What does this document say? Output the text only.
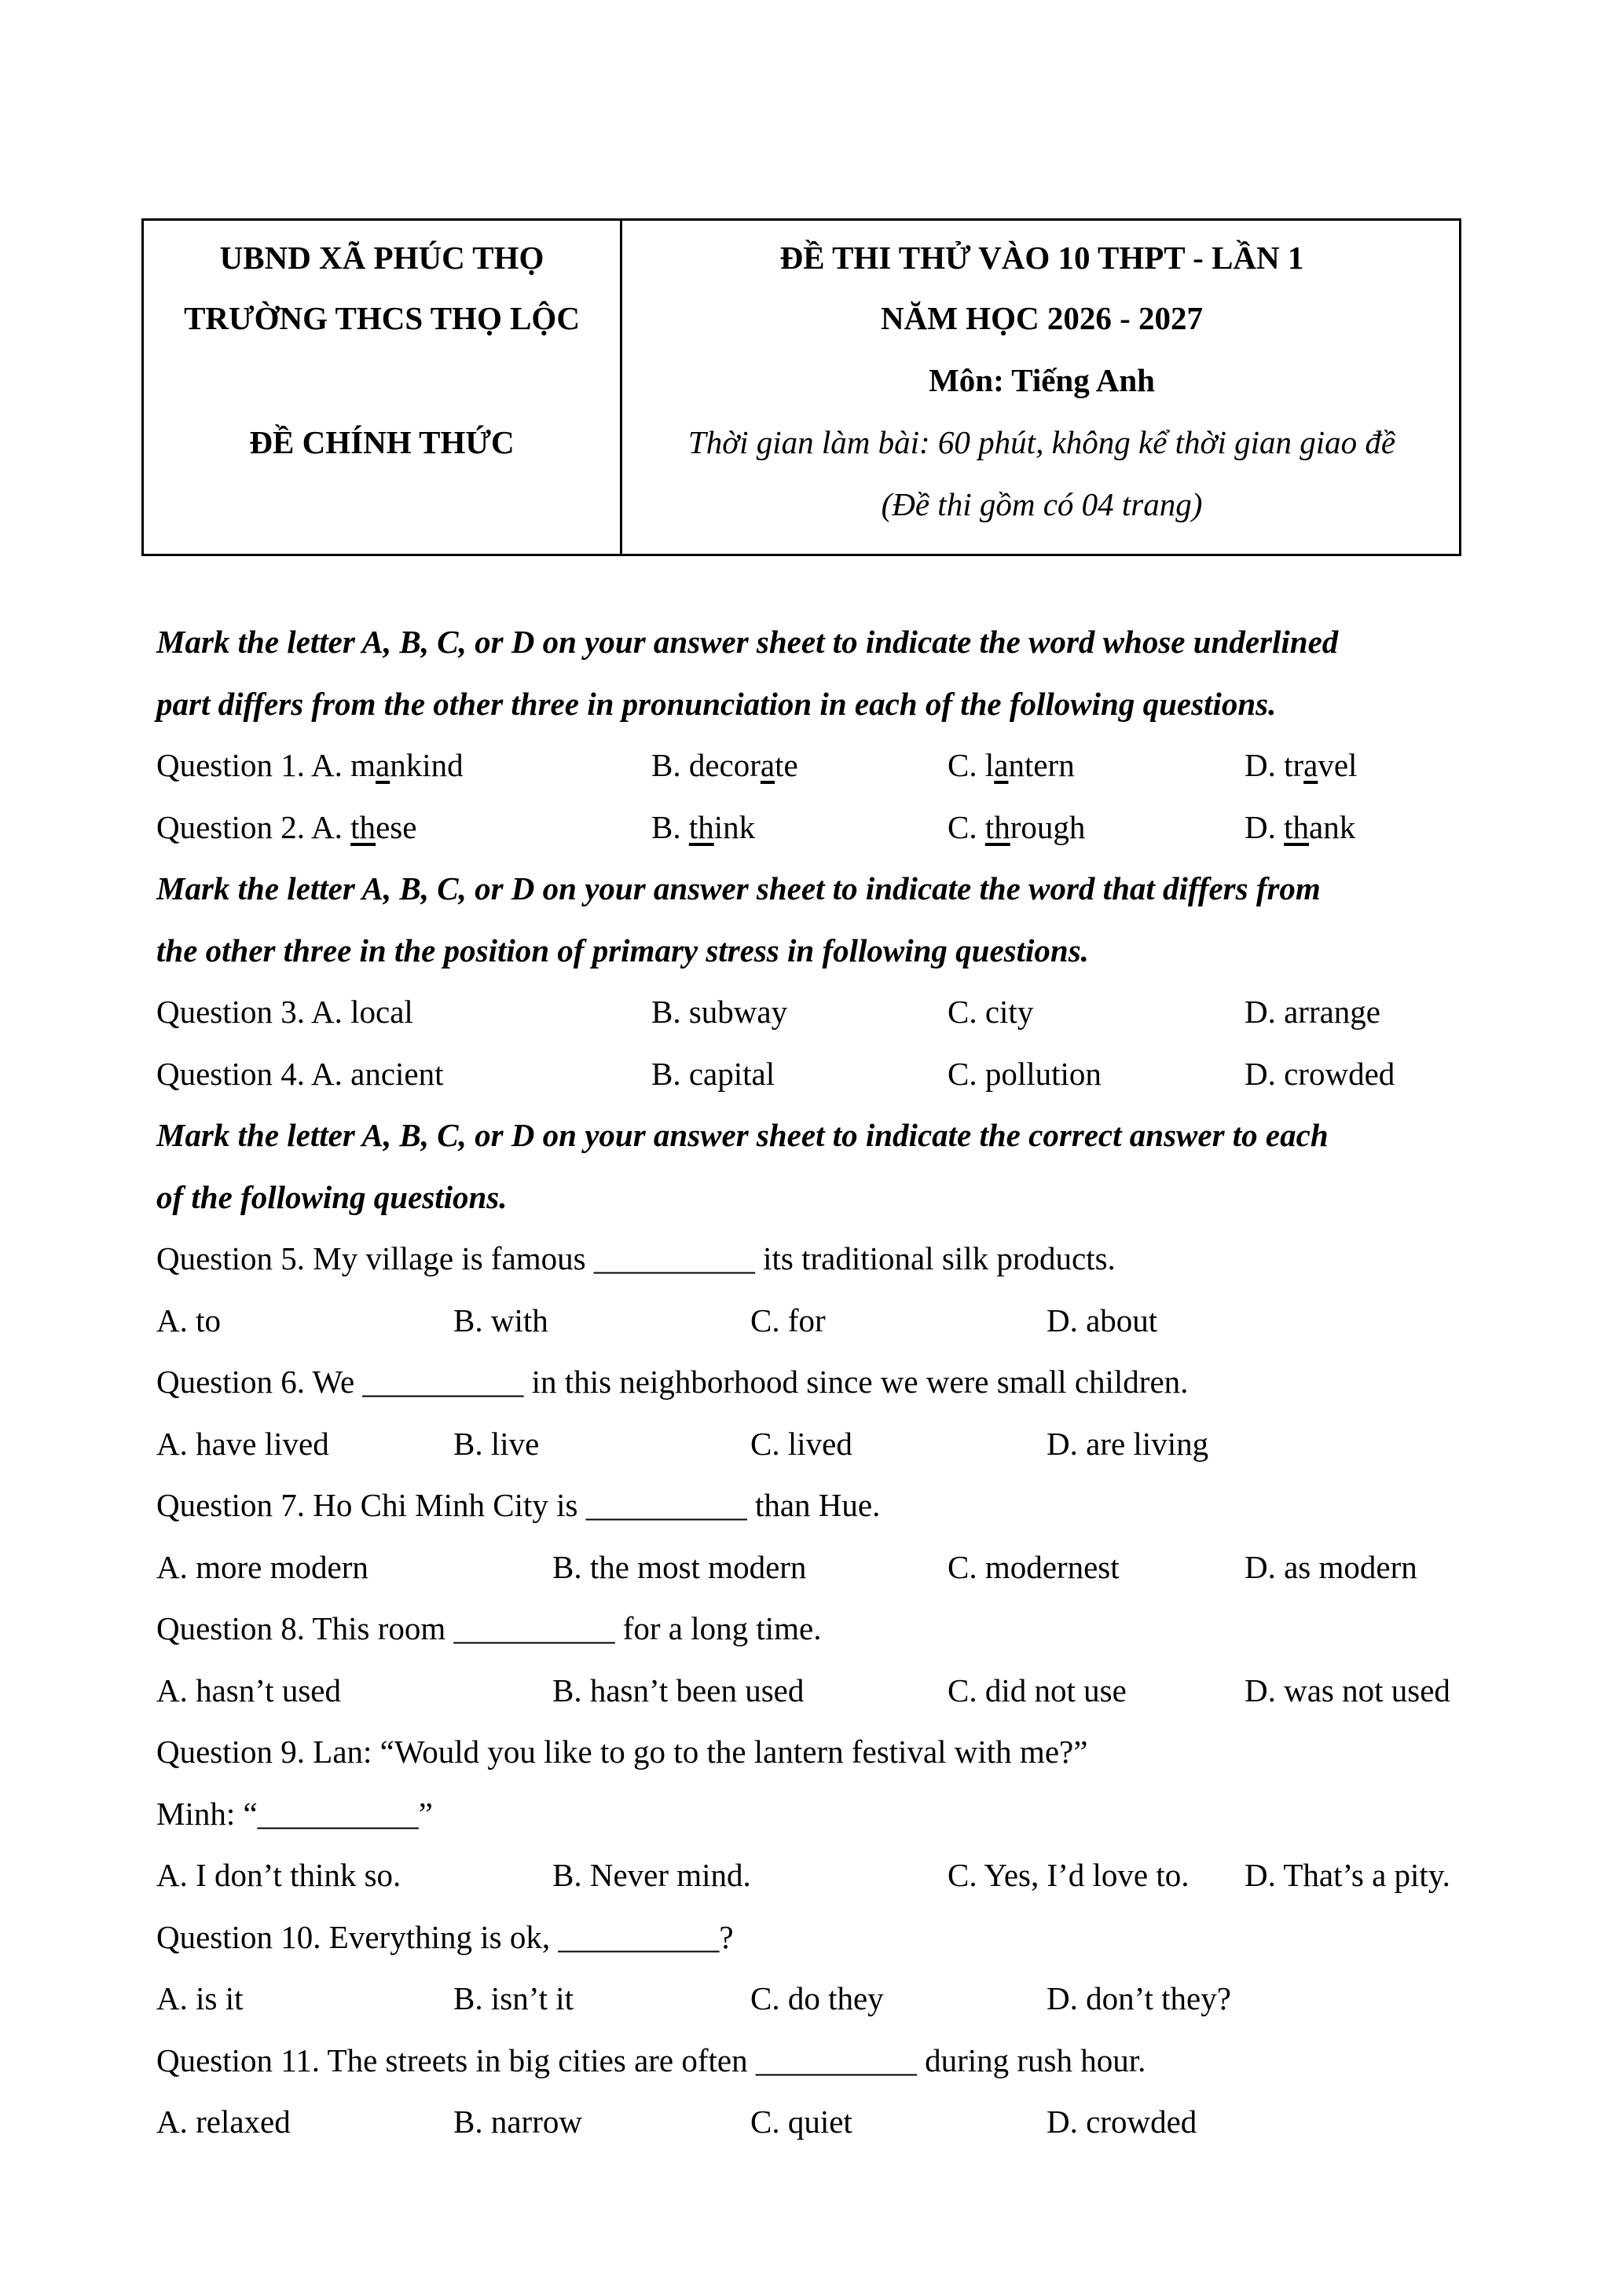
UBND XÃ PHÚC THỌ
TRƯỜNG THCS THỌ LỘC
ĐỀ CHÍNH THỨC
ĐỀ THI THỬ VÀO 10 THPT - LẦN 1
NĂM HỌC 2026 - 2027
Môn: Tiếng Anh
Thời gian làm bài: 60 phút, không kể thời gian giao đề
(Đề thi gồm có 04 trang)
Mark the letter A, B, C, or D on your answer sheet to indicate the word whose underlined
part differs from the other three in pronunciation in each of the following questions.
Question 1. A. mankind	B. decorate	C. lantern	D. travel
Question 2. A. these	B. think	C. through	D. thank
Mark the letter A, B, C, or D on your answer sheet to indicate the word that differs from
the other three in the position of primary stress in following questions.
Question 3. A. local	B. subway	C. city	D. arrange
Question 4. A. ancient	B. capital	C. pollution	D. crowded
Mark the letter A, B, C, or D on your answer sheet to indicate the correct answer to each
of the following questions.
Question 5. My village is famous __________ its traditional silk products.
A. to	B. with	C. for	D. about
Question 6. We __________ in this neighborhood since we were small children.
A. have lived	B. live	C. lived	D. are living
Question 7. Ho Chi Minh City is __________ than Hue.
A. more modern	B. the most modern	C. modernest	D. as modern
Question 8. This room __________ for a long time.
A. hasn’t used	B. hasn’t been used	C. did not use	D. was not used
Question 9. Lan: “Would you like to go to the lantern festival with me?”
Minh: “__________”
A. I don’t think so.	B. Never mind.	C. Yes, I’d love to. D. That’s a pity.
Question 10. Everything is ok, __________?
A. is it	B. isn’t it	C. do they	D. don’t they?
Question 11. The streets in big cities are often __________ during rush hour.
A. relaxed	B. narrow	C. quiet	D. crowded
